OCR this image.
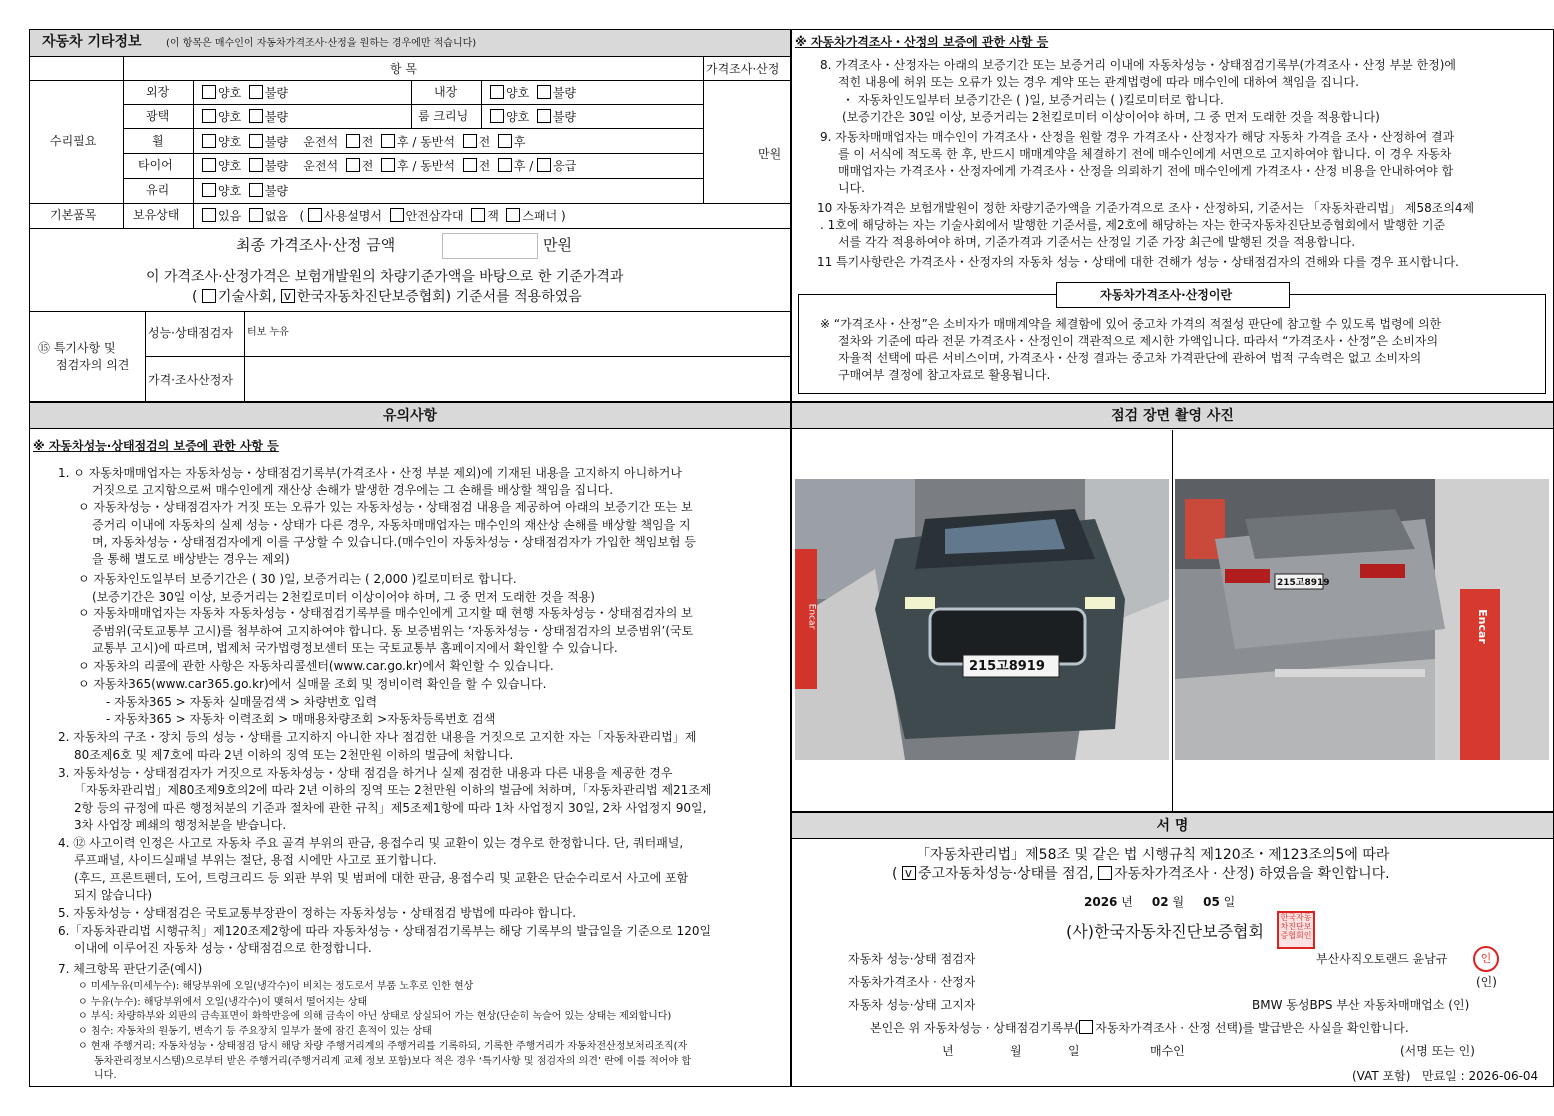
자동차 기타정보 (이 항목은 매수인이 자동차가격조사·산정을 원하는 경우에만 적습니다)
항 목	가격조사·산정
수리필요
외장	양호 불량	내장	양호 불량
광택	양호 불량	룸 크리닝	양호 불량
휠	양호 불량 운전석 전 후 / 동반석 전 후
타이어	양호 불량 운전석 전 후 / 동반석 전 후 / 응급
유리	양호 불량
만원
기본품목	보유상태	있음 없음 ( 사용설명서 안전삼각대 잭 스패너 )
최종 가격조사·산정 금액	만원
이 가격조사·산정가격은 보험개발원의 차량기준가액을 바탕으로 한 기준가격과
( 기술사회, v 한국자동차진단보증협회) 기준서를 적용하였음
⑮ 특기사항 및
점검자의 의견
성능·상태점검자 터보 누유
가격·조사산정자
※ 자동차가격조사・산정의 보증에 관한 사항 등
8. 가격조사・산정자는 아래의 보증기간 또는 보증거리 이내에 자동차성능・상태점검기록부(가격조사・산정 부분 한정)에
적힌 내용에 허위 또는 오류가 있는 경우 계약 또는 관계법령에 따라 매수인에 대하여 책임을 집니다.
・ 자동차인도일부터 보증기간은 ( )일, 보증거리는 ( )킬로미터로 합니다.
(보증기간은 30일 이상, 보증거리는 2천킬로미터 이상이어야 하며, 그 중 먼저 도래한 것을 적용합니다)
9. 자동차매매업자는 매수인이 가격조사・산정을 원할 경우 가격조사・산정자가 해당 자동차 가격을 조사・산정하여 결과
를 이 서식에 적도록 한 후, 반드시 매매계약을 체결하기 전에 매수인에게 서면으로 고지하여야 합니다. 이 경우 자동차
매매업자는 가격조사・산정자에게 가격조사・산정을 의뢰하기 전에 매수인에게 가격조사・산정 비용을 안내하여야 합
니다.
10 자동차가격은 보험개발원이 정한 차량기준가액을 기준가격으로 조사・산정하되, 기준서는 「자동차관리법」 제58조의4제
. 1호에 해당하는 자는 기술사회에서 발행한 기준서를, 제2호에 해당하는 자는 한국자동차진단보증협회에서 발행한 기준
서를 각각 적용하여야 하며, 기준가격과 기준서는 산정일 기준 가장 최근에 발행된 것을 적용합니다.
11 특기사항란은 가격조사・산정자의 자동차 성능・상태에 대한 견해가 성능・상태점검자의 견해와 다를 경우 표시합니다.
자동차가격조사·산정이란
※ “가격조사・산정”은 소비자가 매매계약을 체결함에 있어 중고차 가격의 적절성 판단에 참고할 수 있도록 법령에 의한
절차와 기준에 따라 전문 가격조사・산정인이 객관적으로 제시한 가액입니다. 따라서 “가격조사・산정”은 소비자의
자율적 선택에 따른 서비스이며, 가격조사・산정 결과는 중고차 가격판단에 관하여 법적 구속력은 없고 소비자의
구매여부 결정에 참고자료로 활용됩니다.
유의사항
※ 자동차성능·상태점검의 보증에 관한 사항 등
1. ㅇ 자동차매매업자는 자동차성능・상태점검기록부(가격조사・산정 부분 제외)에 기재된 내용을 고지하지 아니하거나
거짓으로 고지함으로써 매수인에게 재산상 손해가 발생한 경우에는 그 손해를 배상할 책임을 집니다.
ㅇ 자동차성능・상태점검자가 거짓 또는 오류가 있는 자동차성능・상태점검 내용을 제공하여 아래의 보증기간 또는 보
증거리 이내에 자동차의 실제 성능・상태가 다른 경우, 자동차매매업자는 매수인의 재산상 손해를 배상할 책임을 지
며, 자동차성능・상태점검자에게 이를 구상할 수 있습니다.(매수인이 자동차성능・상태점검자가 가입한 책임보험 등
을 통해 별도로 배상받는 경우는 제외)
ㅇ 자동차인도일부터 보증기간은 ( 30 )일, 보증거리는 ( 2,000 )킬로미터로 합니다.
(보증기간은 30일 이상, 보증거리는 2천킬로미터 이상이어야 하며, 그 중 먼저 도래한 것을 적용)
ㅇ 자동차매매업자는 자동차 자동차성능・상태점검기록부를 매수인에게 고지할 때 현행 자동차성능・상태점검자의 보
증범위(국토교통부 고시)를 첨부하여 고지하여야 합니다. 동 보증범위는 ‘자동차성능・상태점검자의 보증범위’(국토
교통부 고시)에 따르며, 법제처 국가법령정보센터 또는 국토교통부 홈페이지에서 확인할 수 있습니다.
ㅇ 자동차의 리콜에 관한 사항은 자동차리콜센터(www.car.go.kr)에서 확인할 수 있습니다.
ㅇ 자동차365(www.car365.go.kr)에서 실매물 조회 및 정비이력 확인을 할 수 있습니다.
- 자동차365 > 자동차 실매물검색 > 차량번호 입력
- 자동차365 > 자동차 이력조회 > 매매용차량조회 >자동차등록번호 검색
2. 자동차의 구조・장치 등의 성능・상태를 고지하지 아니한 자나 점검한 내용을 거짓으로 고지한 자는「자동차관리법」제
80조제6호 및 제7호에 따라 2년 이하의 징역 또는 2천만원 이하의 벌금에 처합니다.
3. 자동차성능・상태점검자가 거짓으로 자동차성능・상태 점검을 하거나 실제 점검한 내용과 다른 내용을 제공한 경우
「자동차관리법」제80조제9호의2에 따라 2년 이하의 징역 또는 2천만원 이하의 벌금에 처하며,「자동차관리법 제21조제
2항 등의 규정에 따른 행정처분의 기준과 절차에 관한 규칙」제5조제1항에 따라 1차 사업정지 30일, 2차 사업정지 90일,
3차 사업장 폐쇄의 행정처분을 받습니다.
4. ⑫ 사고이력 인정은 사고로 자동차 주요 골격 부위의 판금, 용접수리 및 교환이 있는 경우로 한정합니다. 단, 쿼터패널,
루프패널, 사이드실패널 부위는 절단, 용접 시에만 사고로 표기합니다.
(후드, 프론트펜더, 도어, 트렁크리드 등 외판 부위 및 범퍼에 대한 판금, 용접수리 및 교환은 단순수리로서 사고에 포함
되지 않습니다)
5. 자동차성능・상태점검은 국토교통부장관이 정하는 자동차성능・상태점검 방법에 따라야 합니다.
6.「자동차관리법 시행규칙」제120조제2항에 따라 자동차성능・상태점검기록부는 해당 기록부의 발급일을 기준으로 120일
이내에 이루어진 자동차 성능・상태점검으로 한정합니다.
7. 체크항목 판단기준(예시)
ㅇ 미세누유(미세누수): 해당부위에 오일(냉각수)이 비치는 정도로서 부품 노후로 인한 현상
ㅇ 누유(누수): 해당부위에서 오일(냉각수)이 맺혀서 떨어지는 상태
ㅇ 부식: 차량하부와 외판의 금속표면이 화학반응에 의해 금속이 아닌 상태로 상실되어 가는 현상(단순히 녹슬어 있는 상태는 제외합니다)
ㅇ 침수: 자동차의 원동기, 변속기 등 주요장치 일부가 물에 잠긴 흔적이 있는 상태
ㅇ 현재 주행거리: 자동차성능・상태점검 당시 해당 차량 주행거리계의 주행거리를 기록하되, 기록한 주행거리가 자동차전산정보처리조직(자
동차관리정보시스템)으로부터 받은 주행거리(주행거리계 교체 정보 포함)보다 적은 경우 ‘특기사항 및 점검자의 의견’ 란에 이를 적어야 합
니다.
점검 장면 촬영 사진
215고8919
Encar
215고8919
Encar
서 명
「자동차관리법」제58조 및 같은 법 시행규칙 제120조・제123조의5에 따라
( v 중고자동차성능·상태를 점검, 자동차가격조사 · 산정) 하였음을 확인합니다.
2026 년 02 월 05 일
(사)한국자동차진단보증협회
한국자동차진단보증협회인
자동차 성능·상태 점검자	부산사직오토랜드 윤남규	인
자동차가격조사 · 산정자	(인)
자동차 성능·상태 고지자	BMW 동성BPS 부산 자동차매매업소 (인)
본인은 위 자동차성능 · 상태점검기록부( 자동차가격조사 · 산정 선택)를 발급받은 사실을 확인합니다.
년	월	일	매수인	(서명 또는 인)
(VAT 포함) 만료일 : 2026-06-04
